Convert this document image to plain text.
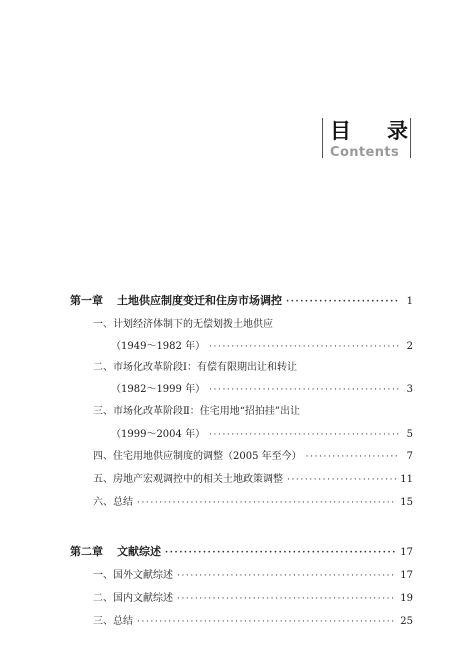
目 录
Contents
第一章 土地供应制度变迁和住房市场调控 ·····	1
一、计划经济体制下的无偿划拨土地供应
（1949～1982 年） ·····	2
二、市场化改革阶段Ⅰ：有偿有限期出让和转让
（1982～1999 年） ·····	3
三、市场化改革阶段Ⅱ：住宅用地“招拍挂”出让
（1999～2004 年） ·····	5
四、住宅用地供应制度的调整（2005 年至今） ·····	7
五、房地产宏观调控中的相关土地政策调整 ·····	11
六、总结 ·····	15
第二章 文献综述 ·····	17
一、国外文献综述 ·····	17
二、国内文献综述 ·····	19
三、总结 ·····	25
